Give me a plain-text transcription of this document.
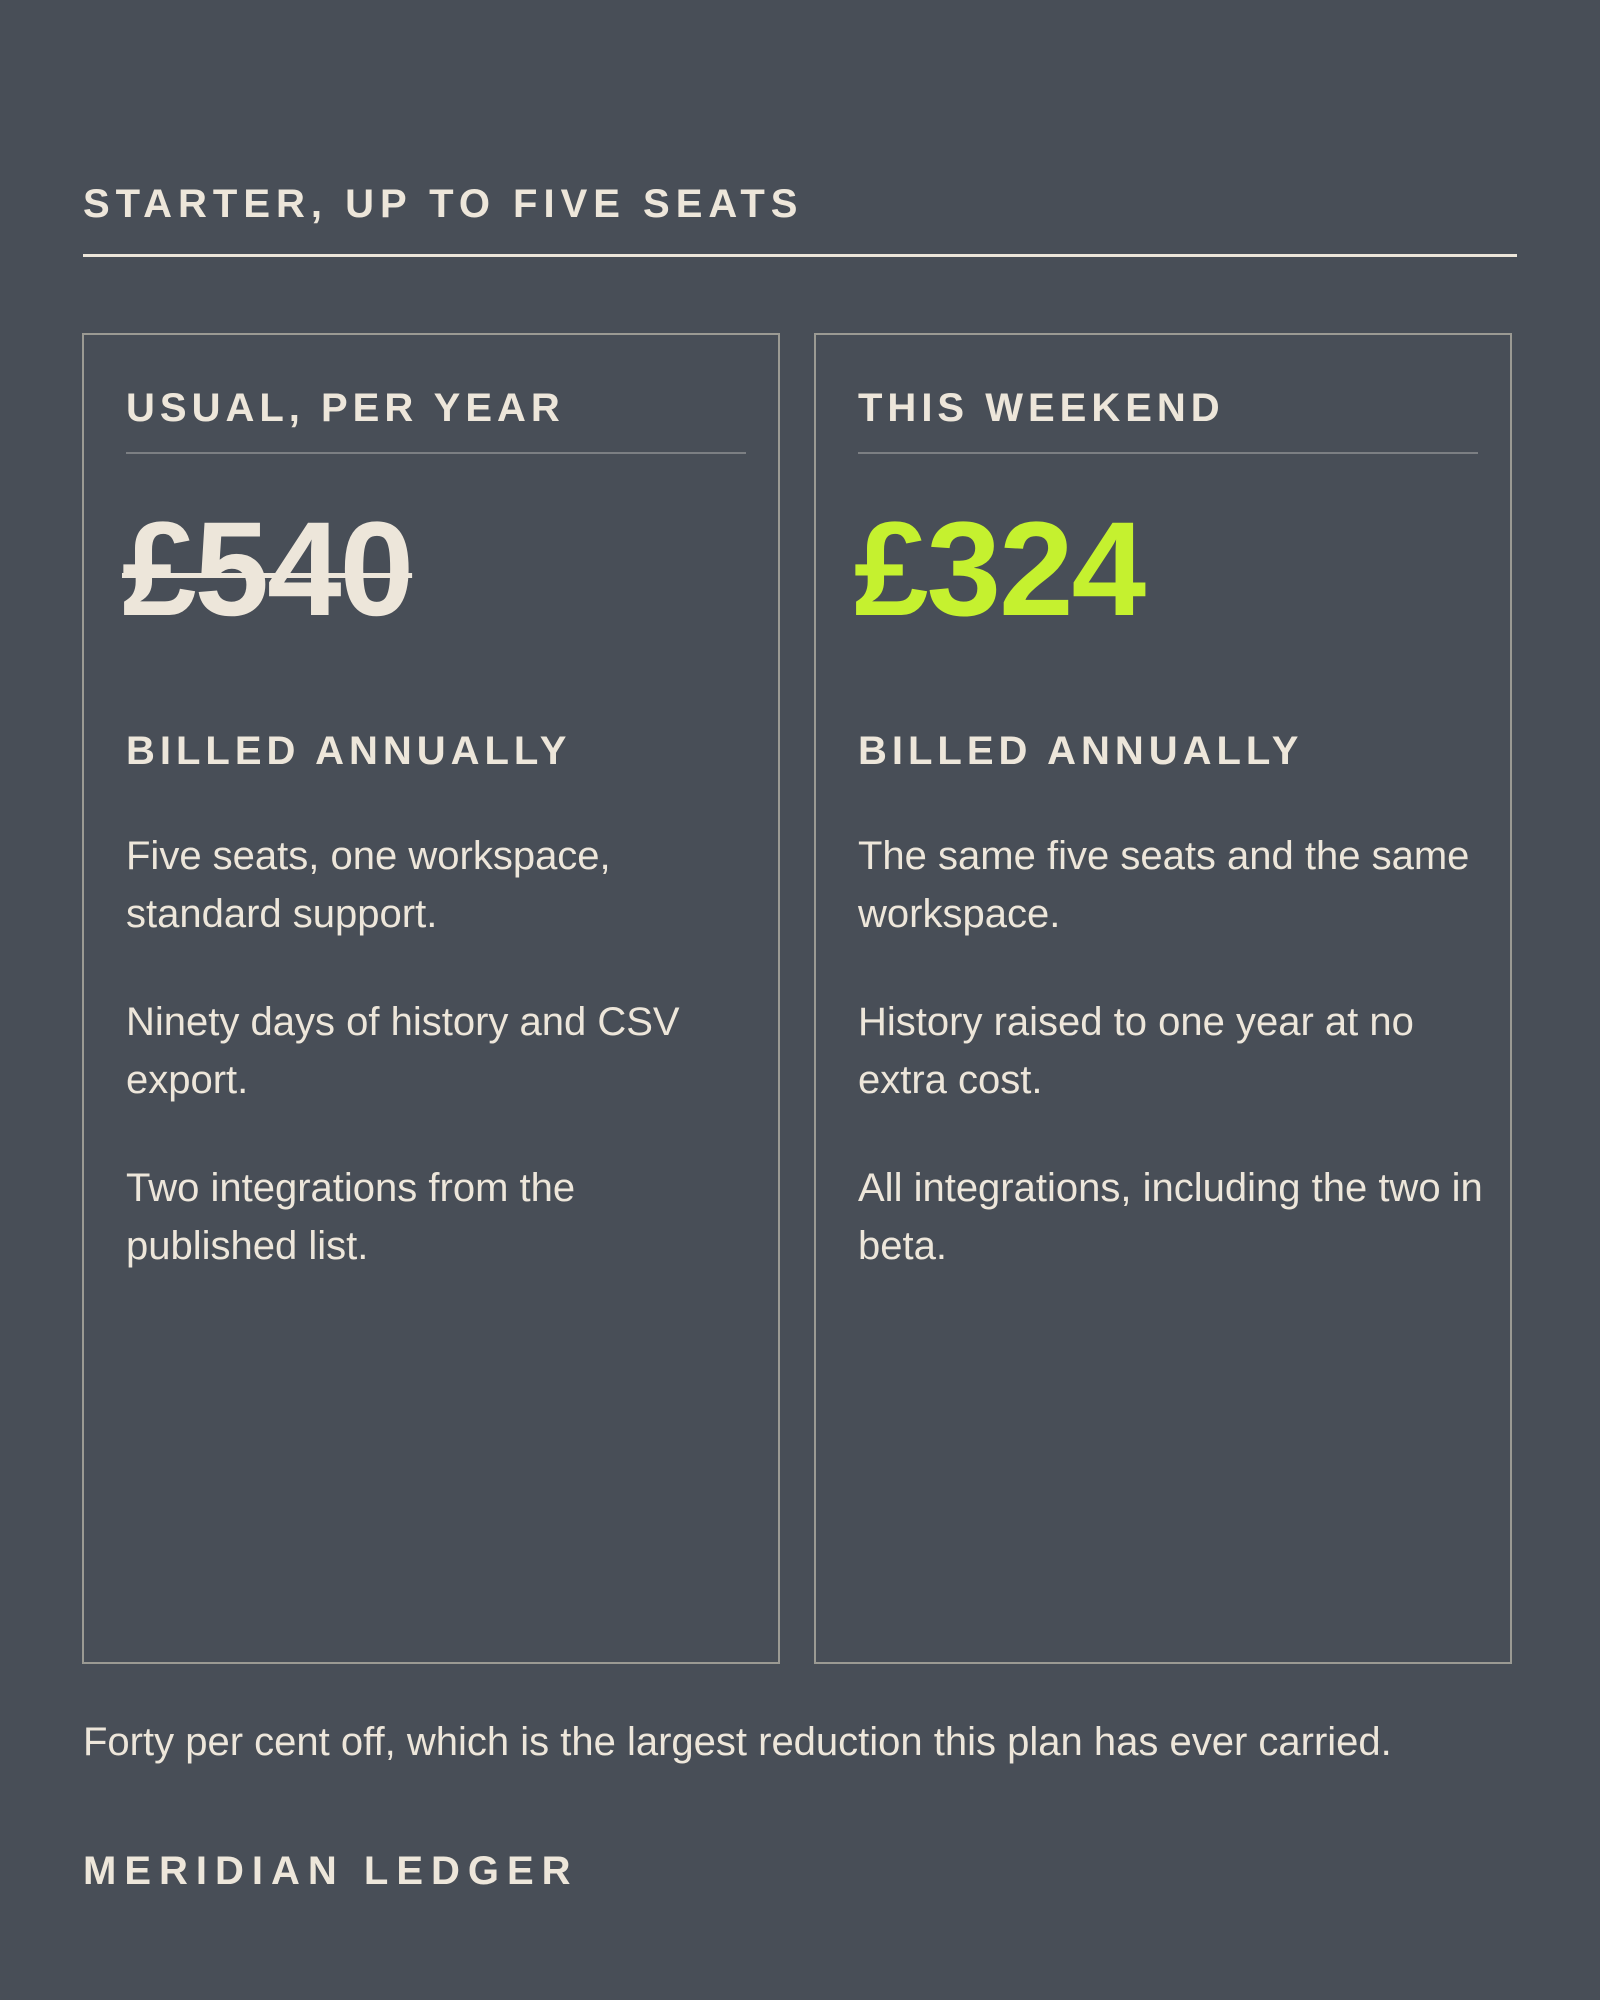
STARTER, UP TO FIVE SEATS
USUAL, PER YEAR
£540
BILLED ANNUALLY
Five seats, one workspace, standard support.
Ninety days of history and CSV export.
Two integrations from the published list.
THIS WEEKEND
£324
BILLED ANNUALLY
The same five seats and the same workspace.
History raised to one year at no extra cost.
All integrations, including the two in beta.

Forty per cent off, which is the largest reduction this plan has ever carried.

MERIDIAN LEDGER
